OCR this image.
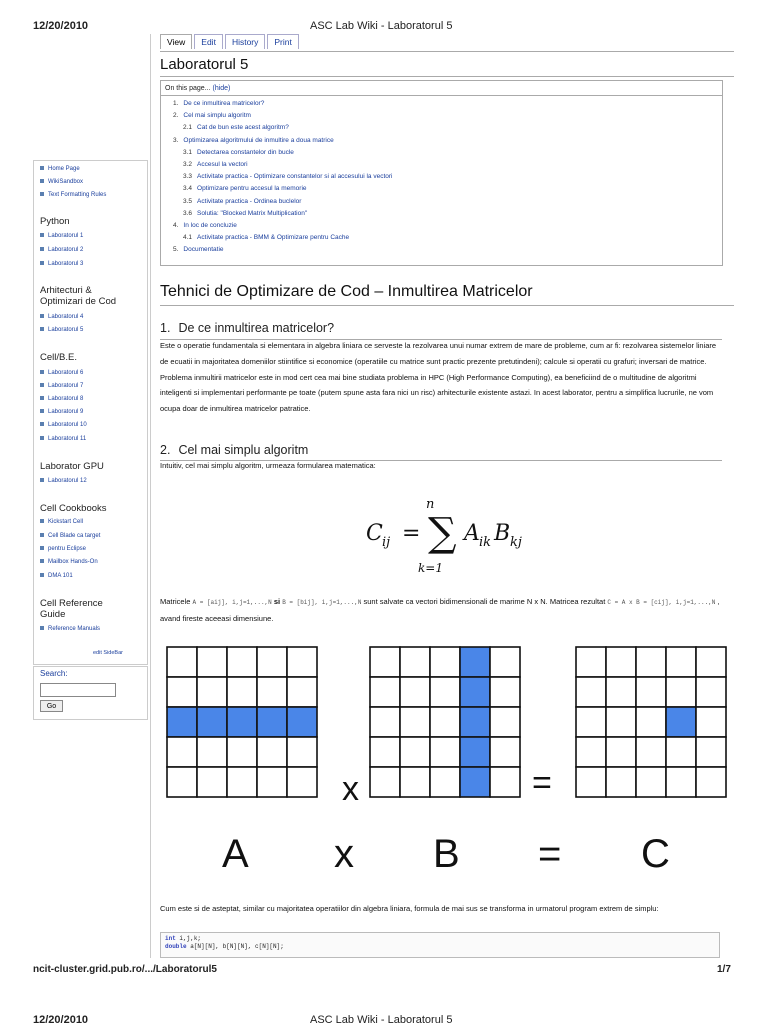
12/20/2010	ASC Lab Wiki - Laboratorul 5
View	Edit	History	Print
Laboratorul 5
On this page... (hide)
1. De ce inmultirea matricelor?
2. Cel mai simplu algoritm
2.1 Cat de bun este acest algoritm?
3. Optimizarea algoritmului de inmultire a doua matrice
3.1 Detectarea constantelor din bucle
3.2 Accesul la vectori
3.3 Activitate practica - Optimizare constantelor si al accesului la vectori
3.4 Optimizare pentru accesul la memorie
3.5 Activitate practica - Ordinea buclelor
3.6 Solutia: "Blocked Matrix Multiplication"
4. In loc de concluzie
4.1 Activitate practica - BMM & Optimizare pentru Cache
5. Documentatie
Home Page
WikiSandbox
Text Formatting Rules
Python
Laboratorul 1
Laboratorul 2
Laboratorul 3
Arhitecturi &
Optimizari de Cod
Laboratorul 4
Laboratorul 5
Cell/B.E.
Laboratorul 6
Laboratorul 7
Laboratorul 8
Laboratorul 9
Laboratorul 10
Laboratorul 11
Laborator GPU
Laboratorul 12
Cell Cookbooks
Kickstart Cell
Cell Blade ca target
pentru Eclipse
Mailbox Hands-On
DMA 101
Cell Reference
Guide
Reference Manuals
edit SideBar
Search:
Go
Tehnici de Optimizare de Cod – Inmultirea Matricelor
1. De ce inmultirea matricelor?
Este o operatie fundamentala si elementara in algebra liniara ce serveste la rezolvarea unui numar extrem de mare de probleme, cum ar fi: rezolvarea sistemelor liniare de ecuatii in majoritatea domeniilor stiintifice si economice (operatiile cu matrice sunt practic prezente pretutindeni); calcule si operatii cu grafuri; inversari de matrice. Problema inmultirii matricelor este in mod cert cea mai bine studiata problema in HPC (High Performance Computing), ea beneficiind de o multitudine de algoritmi inteligenti si implementari performante pe toate (putem spune asta fara nici un risc) arhitecturile existente astazi. In acest laborator, pentru a simplifica lucrurile, ne vom ocupa doar de inmultirea matricelor patratice.
2. Cel mai simplu algoritm
Intuitiv, cel mai simplu algoritm, urmeaza formularea matematica:
C ij =
n
∑
k=1
A ik B kj
Matricele A = [aij], i,j=1,...,N si B = [bij], i,j=1,...,N sunt salvate ca vectori bidimensionali de marime N x N. Matricea rezultat C = A x B = [cij], i,j=1,...,N , avand fireste aceeasi dimensiune.
x	=
A x B = C
Cum este si de asteptat, similar cu majoritatea operatiilor din algebra liniara, formula de mai sus se transforma in urmatorul program extrem de simplu:
int i,j,k;
double a[N][N], b[N][N], c[N][N];
ncit-cluster.grid.pub.ro/.../Laboratorul5	1/7
12/20/2010	ASC Lab Wiki - Laboratorul 5
